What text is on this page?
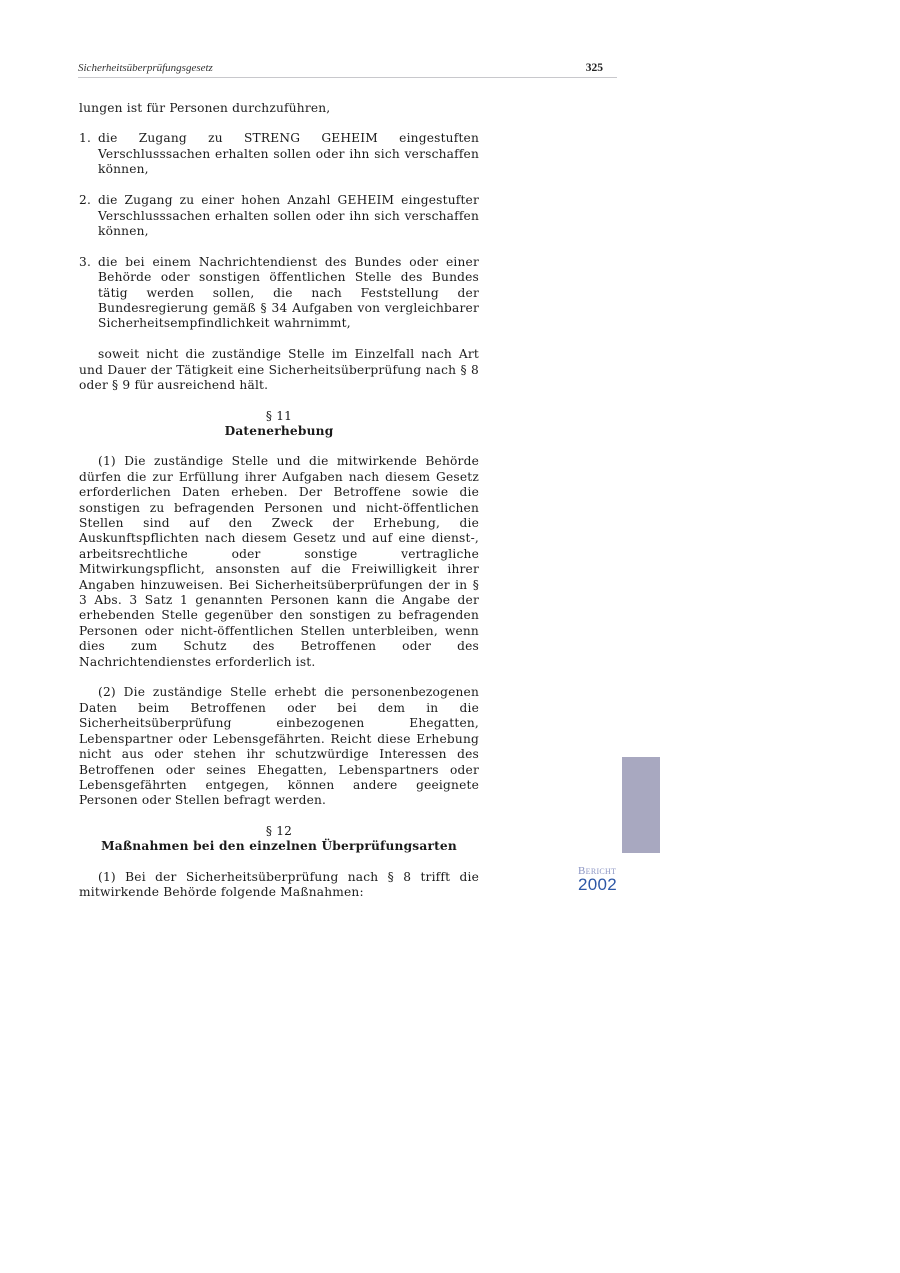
Sicherheitsüberprüfungsgesetz	325

lungen ist für Personen durchzuführen,

1. die Zugang zu STRENG GEHEIM eingestuften Verschlusssachen erhalten sollen oder ihn sich verschaffen können,
2. die Zugang zu einer hohen Anzahl GEHEIM eingestufter Verschlusssachen erhalten sollen oder ihn sich verschaffen können,
3. die bei einem Nachrichtendienst des Bundes oder einer Behörde oder sonstigen öffentlichen Stelle des Bundes tätig werden sollen, die nach Feststellung der Bundesregierung gemäß § 34 Aufgaben von vergleichbarer Sicherheitsempfindlichkeit wahrnimmt,

soweit nicht die zuständige Stelle im Einzelfall nach Art und Dauer der Tätigkeit eine Sicherheitsüberprüfung nach § 8 oder § 9 für ausreichend hält.

§ 11
Datenerhebung

(1) Die zuständige Stelle und die mitwirkende Behörde dürfen die zur Erfüllung ihrer Aufgaben nach diesem Gesetz erforderlichen Daten erheben. Der Betroffene sowie die sonstigen zu befragenden Personen und nicht-öffentlichen Stellen sind auf den Zweck der Erhebung, die Auskunftspflichten nach diesem Gesetz und auf eine dienst-, arbeitsrechtliche oder sonstige vertragliche Mitwirkungspflicht, ansonsten auf die Freiwilligkeit ihrer Angaben hinzuweisen. Bei Sicherheitsüberprüfungen der in § 3 Abs. 3 Satz 1 genannten Personen kann die Angabe der erhebenden Stelle gegenüber den sonstigen zu befragenden Personen oder nicht-öffentlichen Stellen unterbleiben, wenn dies zum Schutz des Betroffenen oder des Nachrichtendienstes erforderlich ist.

(2) Die zuständige Stelle erhebt die personenbezogenen Daten beim Betroffenen oder bei dem in die Sicherheitsüberprüfung einbezogenen Ehegatten, Lebenspartner oder Lebensgefährten. Reicht diese Erhebung nicht aus oder stehen ihr schutzwürdige Interessen des Betroffenen oder seines Ehegatten, Lebenspartners oder Lebensgefährten entgegen, können andere geeignete Personen oder Stellen befragt werden.

§ 12
Maßnahmen bei den einzelnen Überprüfungsarten

(1) Bei der Sicherheitsüberprüfung nach § 8 trifft die mitwirkende Behörde folgende Maßnahmen:

Bericht
2002
